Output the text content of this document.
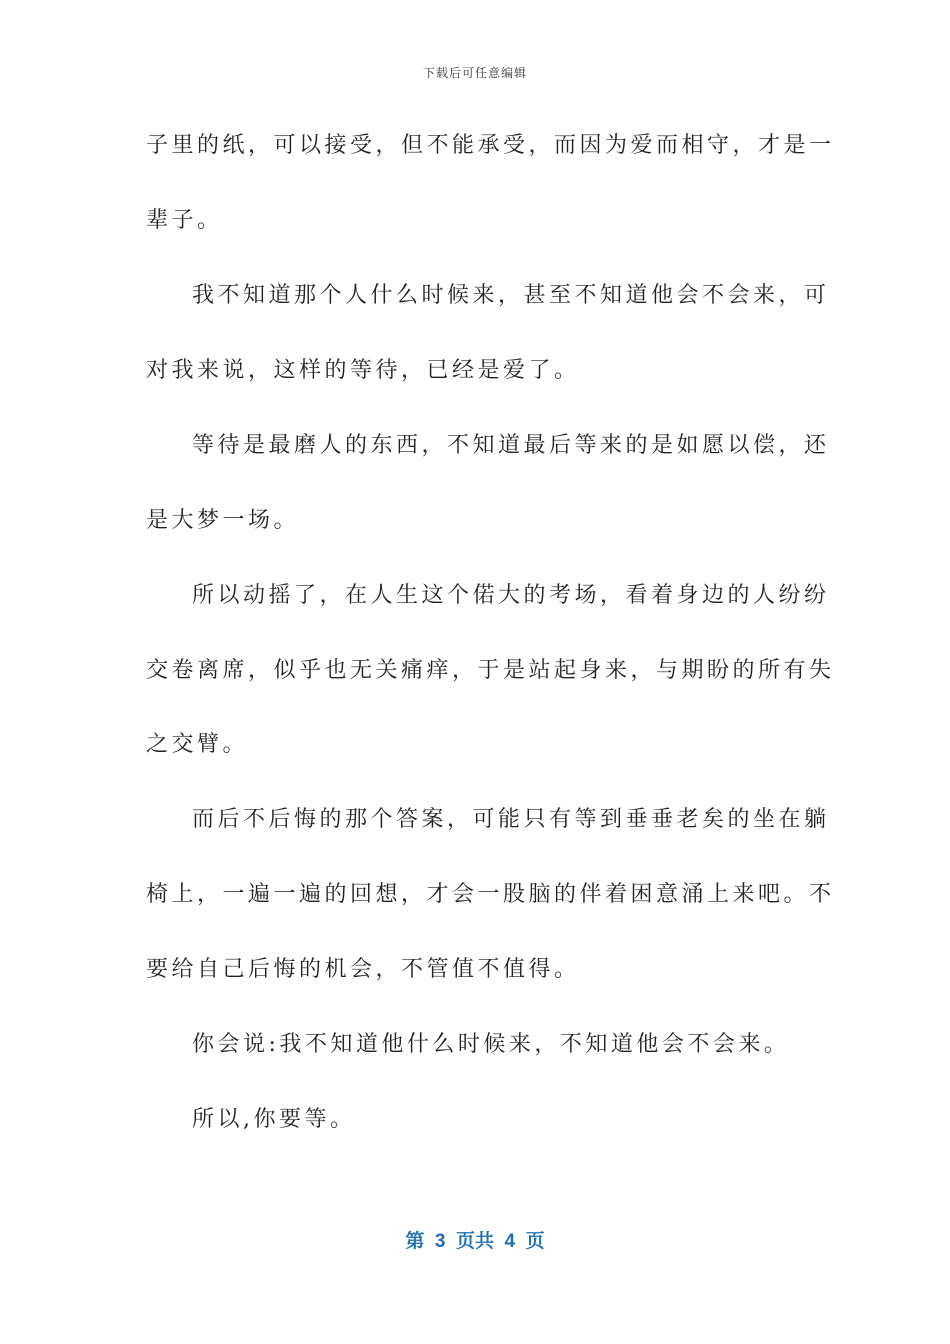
下载后可任意编辑
子里的纸，可以接受，但不能承受，而因为爱而相守，才是一
辈子。
我不知道那个人什么时候来，甚至不知道他会不会来，可
对我来说，这样的等待，已经是爱了。
等待是最磨人的东西，不知道最后等来的是如愿以偿，还
是大梦一场。
所以动摇了，在人生这个偌大的考场，看着身边的人纷纷
交卷离席，似乎也无关痛痒，于是站起身来，与期盼的所有失
之交臂。
而后不后悔的那个答案，可能只有等到垂垂老矣的坐在躺
椅上，一遍一遍的回想，才会一股脑的伴着困意涌上来吧。不
要给自己后悔的机会，不管值不值得。
你会说:我不知道他什么时候来，不知道他会不会来。
所以,你要等。
第  3  页共  4  页
